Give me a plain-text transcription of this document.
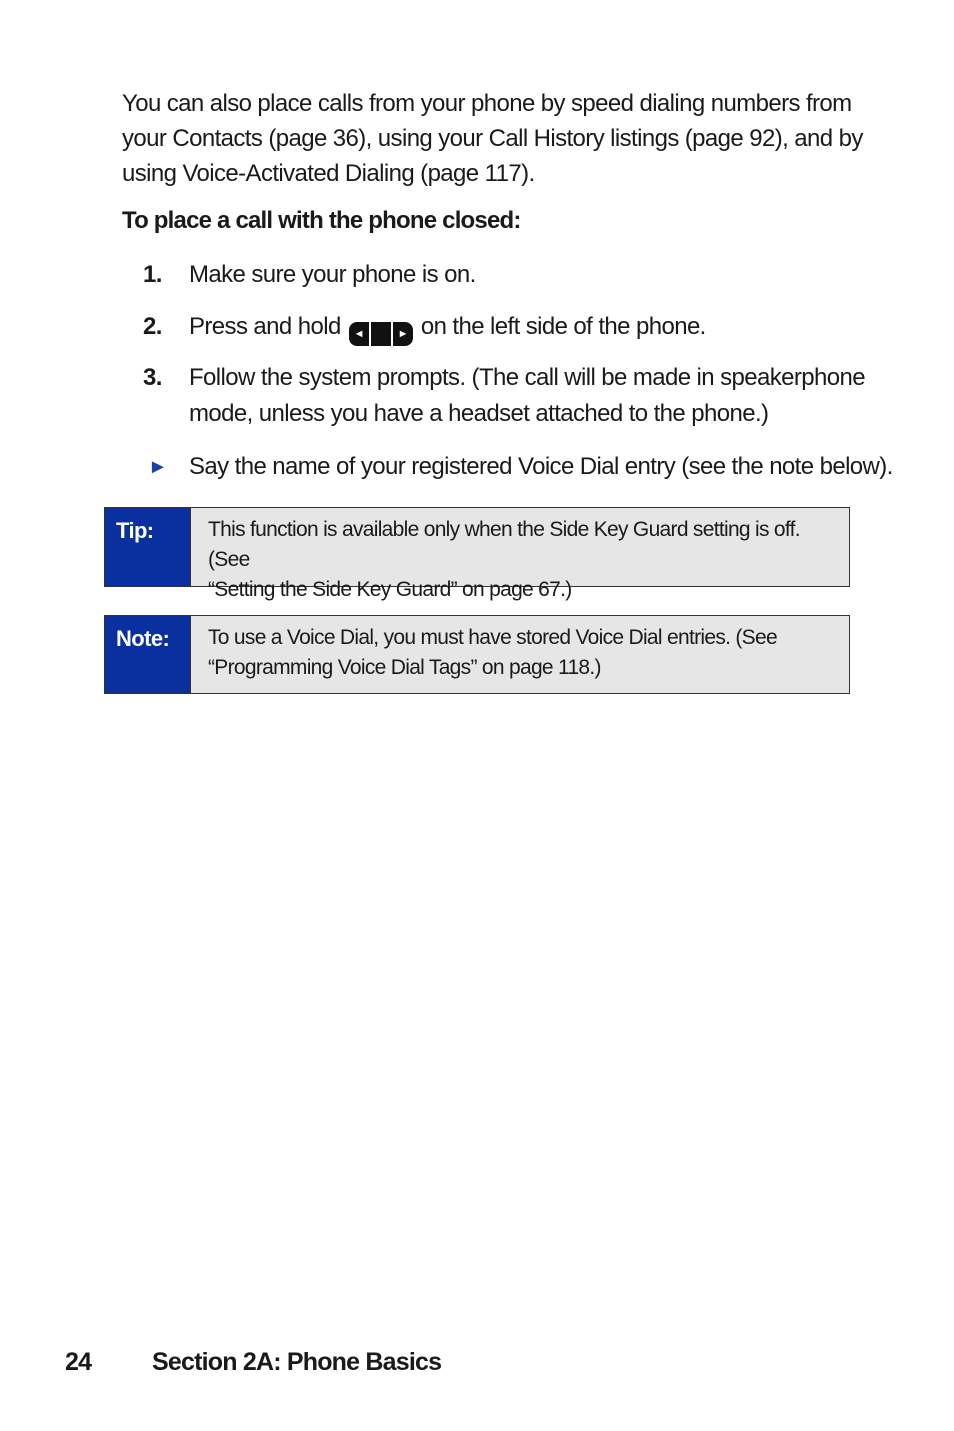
You can also place calls from your phone by speed dialing numbers from
your Contacts (page 36), using your Call History listings (page 92), and by
using Voice-Activated Dialing (page 117).
To place a call with the phone closed:
1. Make sure your phone is on.
2. Press and hold	◄	► on the left side of the phone.
3. Follow the system prompts. (The call will be made in speakerphone
mode, unless you have a headset attached to the phone.)
► Say the name of your registered Voice Dial entry (see the note below).
Tip:	This function is available only when the Side Key Guard setting is off. (See
“Setting the Side Key Guard” on page 67.)
Note:	To use a Voice Dial, you must have stored Voice Dial entries. (See
“Programming Voice Dial Tags” on page 118.)
24 Section 2A: Phone Basics
